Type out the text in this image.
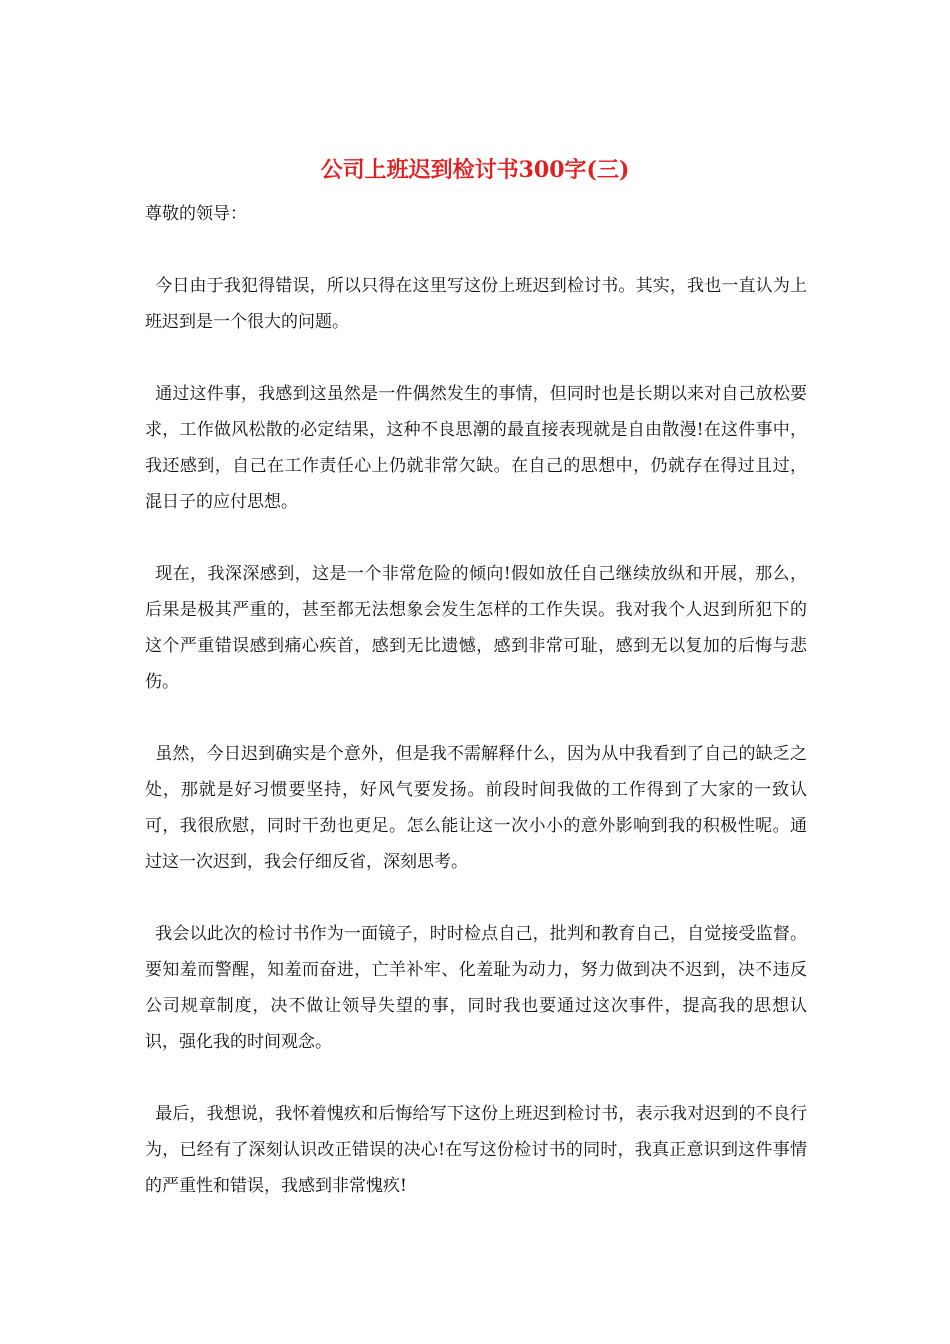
公司上班迟到检讨书300字(三)

尊敬的领导：

今日由于我犯得错误，所以只得在这里写这份上班迟到检讨书。其实，我也一直认为上班迟到是一个很大的问题。

通过这件事，我感到这虽然是一件偶然发生的事情，但同时也是长期以来对自己放松要求，工作做风松散的必定结果，这种不良思潮的最直接表现就是自由散漫!在这件事中，我还感到，自己在工作责任心上仍就非常欠缺。在自己的思想中，仍就存在得过且过，混日子的应付思想。

现在，我深深感到，这是一个非常危险的倾向!假如放任自己继续放纵和开展，那么，后果是极其严重的，甚至都无法想象会发生怎样的工作失误。我对我个人迟到所犯下的这个严重错误感到痛心疾首，感到无比遗憾，感到非常可耻，感到无以复加的后悔与悲伤。

虽然，今日迟到确实是个意外，但是我不需解释什么，因为从中我看到了自己的缺乏之处，那就是好习惯要坚持，好风气要发扬。前段时间我做的工作得到了大家的一致认可，我很欣慰，同时干劲也更足。怎么能让这一次小小的意外影响到我的积极性呢。通过这一次迟到，我会仔细反省，深刻思考。

我会以此次的检讨书作为一面镜子，时时检点自己，批判和教育自己，自觉接受监督。要知羞而警醒，知羞而奋进，亡羊补牢、化羞耻为动力，努力做到决不迟到，决不违反公司规章制度，决不做让领导失望的事，同时我也要通过这次事件，提高我的思想认识，强化我的时间观念。

最后，我想说，我怀着愧疚和后悔给写下这份上班迟到检讨书，表示我对迟到的不良行为，已经有了深刻认识改正错误的决心!在写这份检讨书的同时，我真正意识到这件事情的严重性和错误，我感到非常愧疚!
